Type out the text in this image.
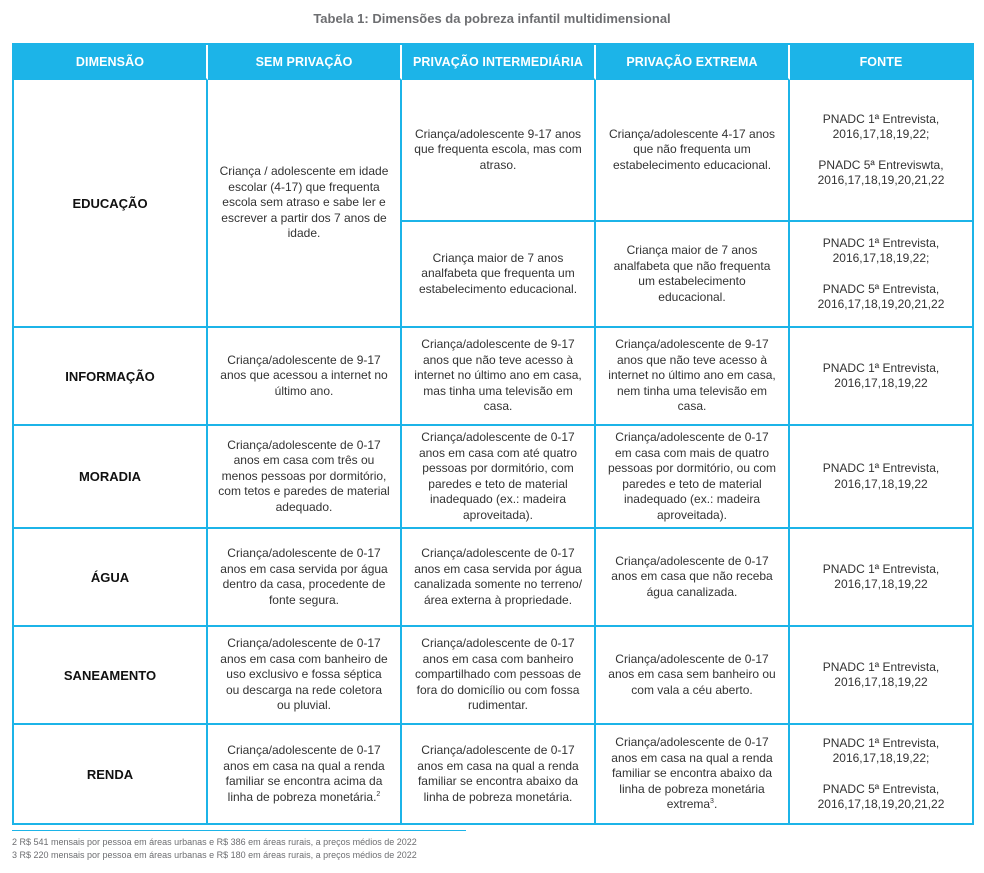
Tabela 1: Dimensões da pobreza infantil multidimensional
DIMENSÃO	SEM PRIVAÇÃO	PRIVAÇÃO INTERMEDIÁRIA	PRIVAÇÃO EXTREMA	FONTE
EDUCAÇÃO	Criança / adolescente em idade escolar (4-17) que frequenta escola sem atraso e sabe ler e escrever a partir dos 7 anos de idade.	Criança/adolescente 9-17 anos que frequenta escola, mas com atraso.	Criança/adolescente 4-17 anos que não frequenta um estabelecimento educacional.	PNADC 1ª Entrevista, 2016,17,18,19,22;
PNADC 5ª Entreviswta, 2016,17,18,19,20,21,22

		Criança maior de 7 anos analfabeta que frequenta um estabelecimento educacional.	Criança maior de 7 anos analfabeta que não frequenta um estabelecimento educacional.	PNADC 1ª Entrevista, 2016,17,18,19,22;
PNADC 5ª Entrevista, 2016,17,18,19,20,21,22

INFORMAÇÃO	Criança/adolescente de 9-17 anos que acessou a internet no último ano.	Criança/adolescente de 9-17 anos que não teve acesso à internet no último ano em casa, mas tinha uma televisão em casa.	Criança/adolescente de 9-17 anos que não teve acesso à internet no último ano em casa, nem tinha uma televisão em casa.	PNADC 1ª Entrevista, 2016,17,18,19,22
MORADIA	Criança/adolescente de 0-17 anos em casa com três ou menos pessoas por dormitório, com tetos e paredes de material adequado.	Criança/adolescente de 0-17 anos em casa com até quatro pessoas por dormitório, com paredes e teto de material inadequado (ex.: madeira aproveitada).	Criança/adolescente de 0-17 em casa com mais de quatro pessoas por dormitório, ou com paredes e teto de material inadequado (ex.: madeira aproveitada).	PNADC 1ª Entrevista, 2016,17,18,19,22
ÁGUA	Criança/adolescente de 0-17 anos em casa servida por água dentro da casa, procedente de fonte segura.	Criança/adolescente de 0-17 anos em casa servida por água canalizada somente no terreno/ área externa à propriedade.	Criança/adolescente de 0-17 anos em casa que não receba água canalizada.	PNADC 1ª Entrevista, 2016,17,18,19,22
SANEAMENTO	Criança/adolescente de 0-17 anos em casa com banheiro de uso exclusivo e fossa séptica ou descarga na rede coletora ou pluvial.	Criança/adolescente de 0-17 anos em casa com banheiro compartilhado com pessoas de fora do domicílio ou com fossa rudimentar.	Criança/adolescente de 0-17 anos em casa sem banheiro ou com vala a céu aberto.	PNADC 1ª Entrevista, 2016,17,18,19,22
RENDA	Criança/adolescente de 0-17 anos em casa na qual a renda familiar se encontra acima da linha de pobreza monetária.$^2$	Criança/adolescente de 0-17 anos em casa na qual a renda familiar se encontra abaixo da linha de pobreza monetária.	Criança/adolescente de 0-17 anos em casa na qual a renda familiar se encontra abaixo da linha de pobreza monetária extrema$^3$.	PNADC 1ª Entrevista, 2016,17,18,19,22;
PNADC 5ª Entrevista, 2016,17,18,19,20,21,22
2 R$ 541 mensais por pessoa em áreas urbanas e R$ 386 em áreas rurais, a preços médios de 2022
3 R$ 220 mensais por pessoa em áreas urbanas e R$ 180 em áreas rurais, a preços médios de 2022
